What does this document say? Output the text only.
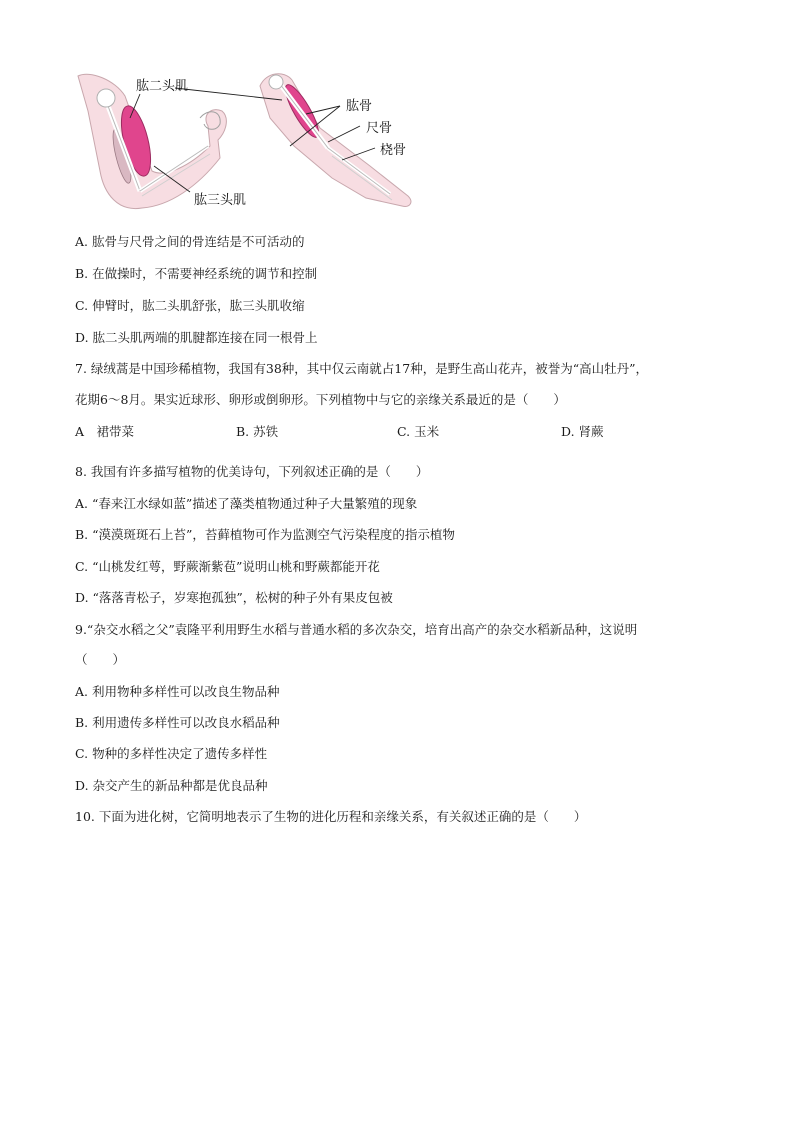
肱二头肌
肱骨
尺骨
桡骨
肱三头肌
A. 肱骨与尺骨之间的骨连结是不可活动的
B. 在做操时，不需要神经系统的调节和控制
C. 伸臂时，肱二头肌舒张，肱三头肌收缩
D. 肱二头肌两端的肌腱都连接在同一根骨上
7. 绿绒蒿是中国珍稀植物，我国有38种，其中仅云南就占17种，是野生高山花卉，被誉为“高山牡丹”，
花期6～8月。果实近球形、卵形或倒卵形。下列植物中与它的亲缘关系最近的是（　　）
A　裙带菜	B. 苏铁	C. 玉米	D. 肾蕨
8. 我国有许多描写植物的优美诗句，下列叙述正确的是（　　）
A. “春来江水绿如蓝”描述了藻类植物通过种子大量繁殖的现象
B. “漠漠斑斑石上苔”，苔藓植物可作为监测空气污染程度的指示植物
C. “山桃发红萼，野蕨渐紫苞”说明山桃和野蕨都能开花
D. “落落青松子，岁寒抱孤独”，松树的种子外有果皮包被
9.“杂交水稻之父”袁隆平利用野生水稻与普通水稻的多次杂交，培育出高产的杂交水稻新品种，这说明
（　　）
A. 利用物种多样性可以改良生物品种
B. 利用遗传多样性可以改良水稻品种
C. 物种的多样性决定了遗传多样性
D. 杂交产生的新品种都是优良品种
10. 下面为进化树，它简明地表示了生物的进化历程和亲缘关系，有关叙述正确的是（　　）
